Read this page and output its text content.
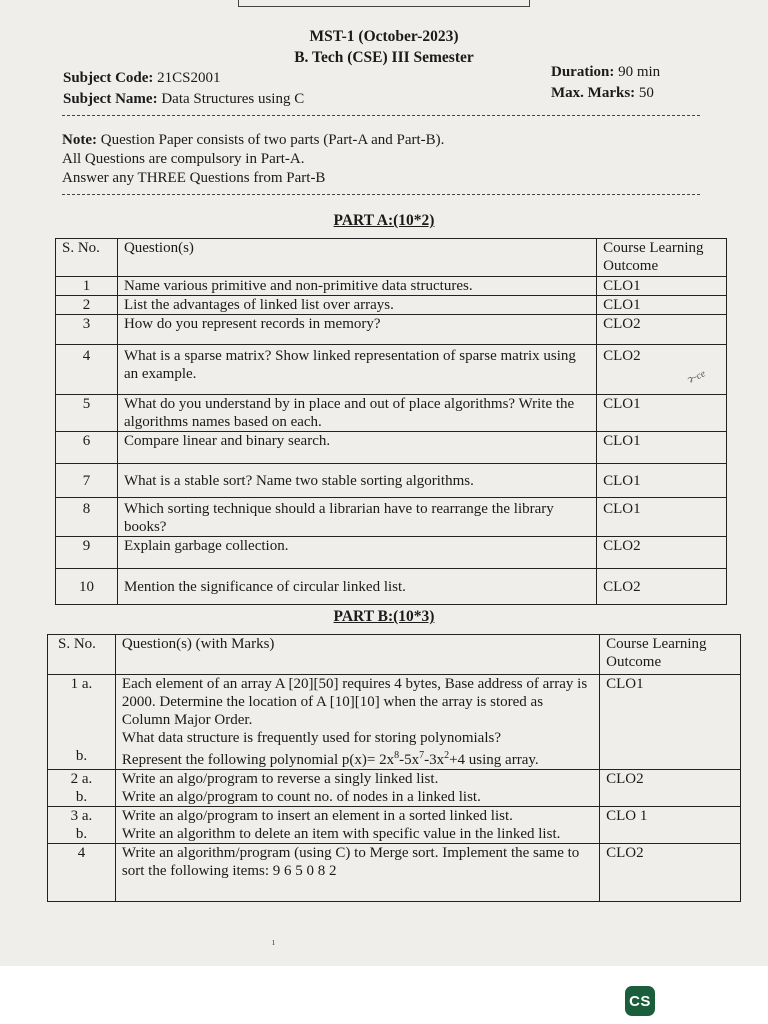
MST-1 (October-2023)
B. Tech (CSE) III Semester
Subject Code: 21CS2001
Subject Name: Data Structures using C
Duration: 90 min
Max. Marks: 50
Note: Question Paper consists of two parts (Part-A and Part-B).
All Questions are compulsory in Part-A.
Answer any THREE Questions from Part-B
PART A:(10*2)
S. No.	Question(s)	Course Learning Outcome
1	Name various primitive and non-primitive data structures.	CLO1
2	List the advantages of linked list over arrays.	CLO1
3	How do you represent records in memory?	CLO2
4	What is a sparse matrix? Show linked representation of sparse matrix using an example.	CLO2
5	What do you understand by in place and out of place algorithms? Write the algorithms names based on each.	CLO1
6	Compare linear and binary search.	CLO1
7	What is a stable sort? Name two stable sorting algorithms.	CLO1
8	Which sorting technique should a librarian have to rearrange the library books?	CLO1
9	Explain garbage collection.	CLO2
10	Mention the significance of circular linked list.	CLO2
ว~ce
PART B:(10*3)
S. No.	Question(s) (with Marks)	Course Learning Outcome
1 a.	Each element of an array A [20][50] requires 4 bytes, Base address of array is 2000. Determine the location of A [10][10] when the array is stored as Column Major Order.	CLO1
	What data structure is frequently used for storing polynomials?	
b.	Represent the following polynomial $p(x)= 2x^8-5x^7-3x^2+4$ using array.	
2 a.	Write an algo/program to reverse a singly linked list.	CLO2
b.	Write an algo/program to count no. of nodes in a linked list.	
3 a.	Write an algo/program to insert an element in a sorted linked list.	CLO 1
b.	Write an algorithm to delete an item with specific value in the linked list.	
4	Write an algorithm/program (using C) to Merge sort. Implement the same to sort the following items: 9 6 5 0 8 2	CLO2
ı
CS
